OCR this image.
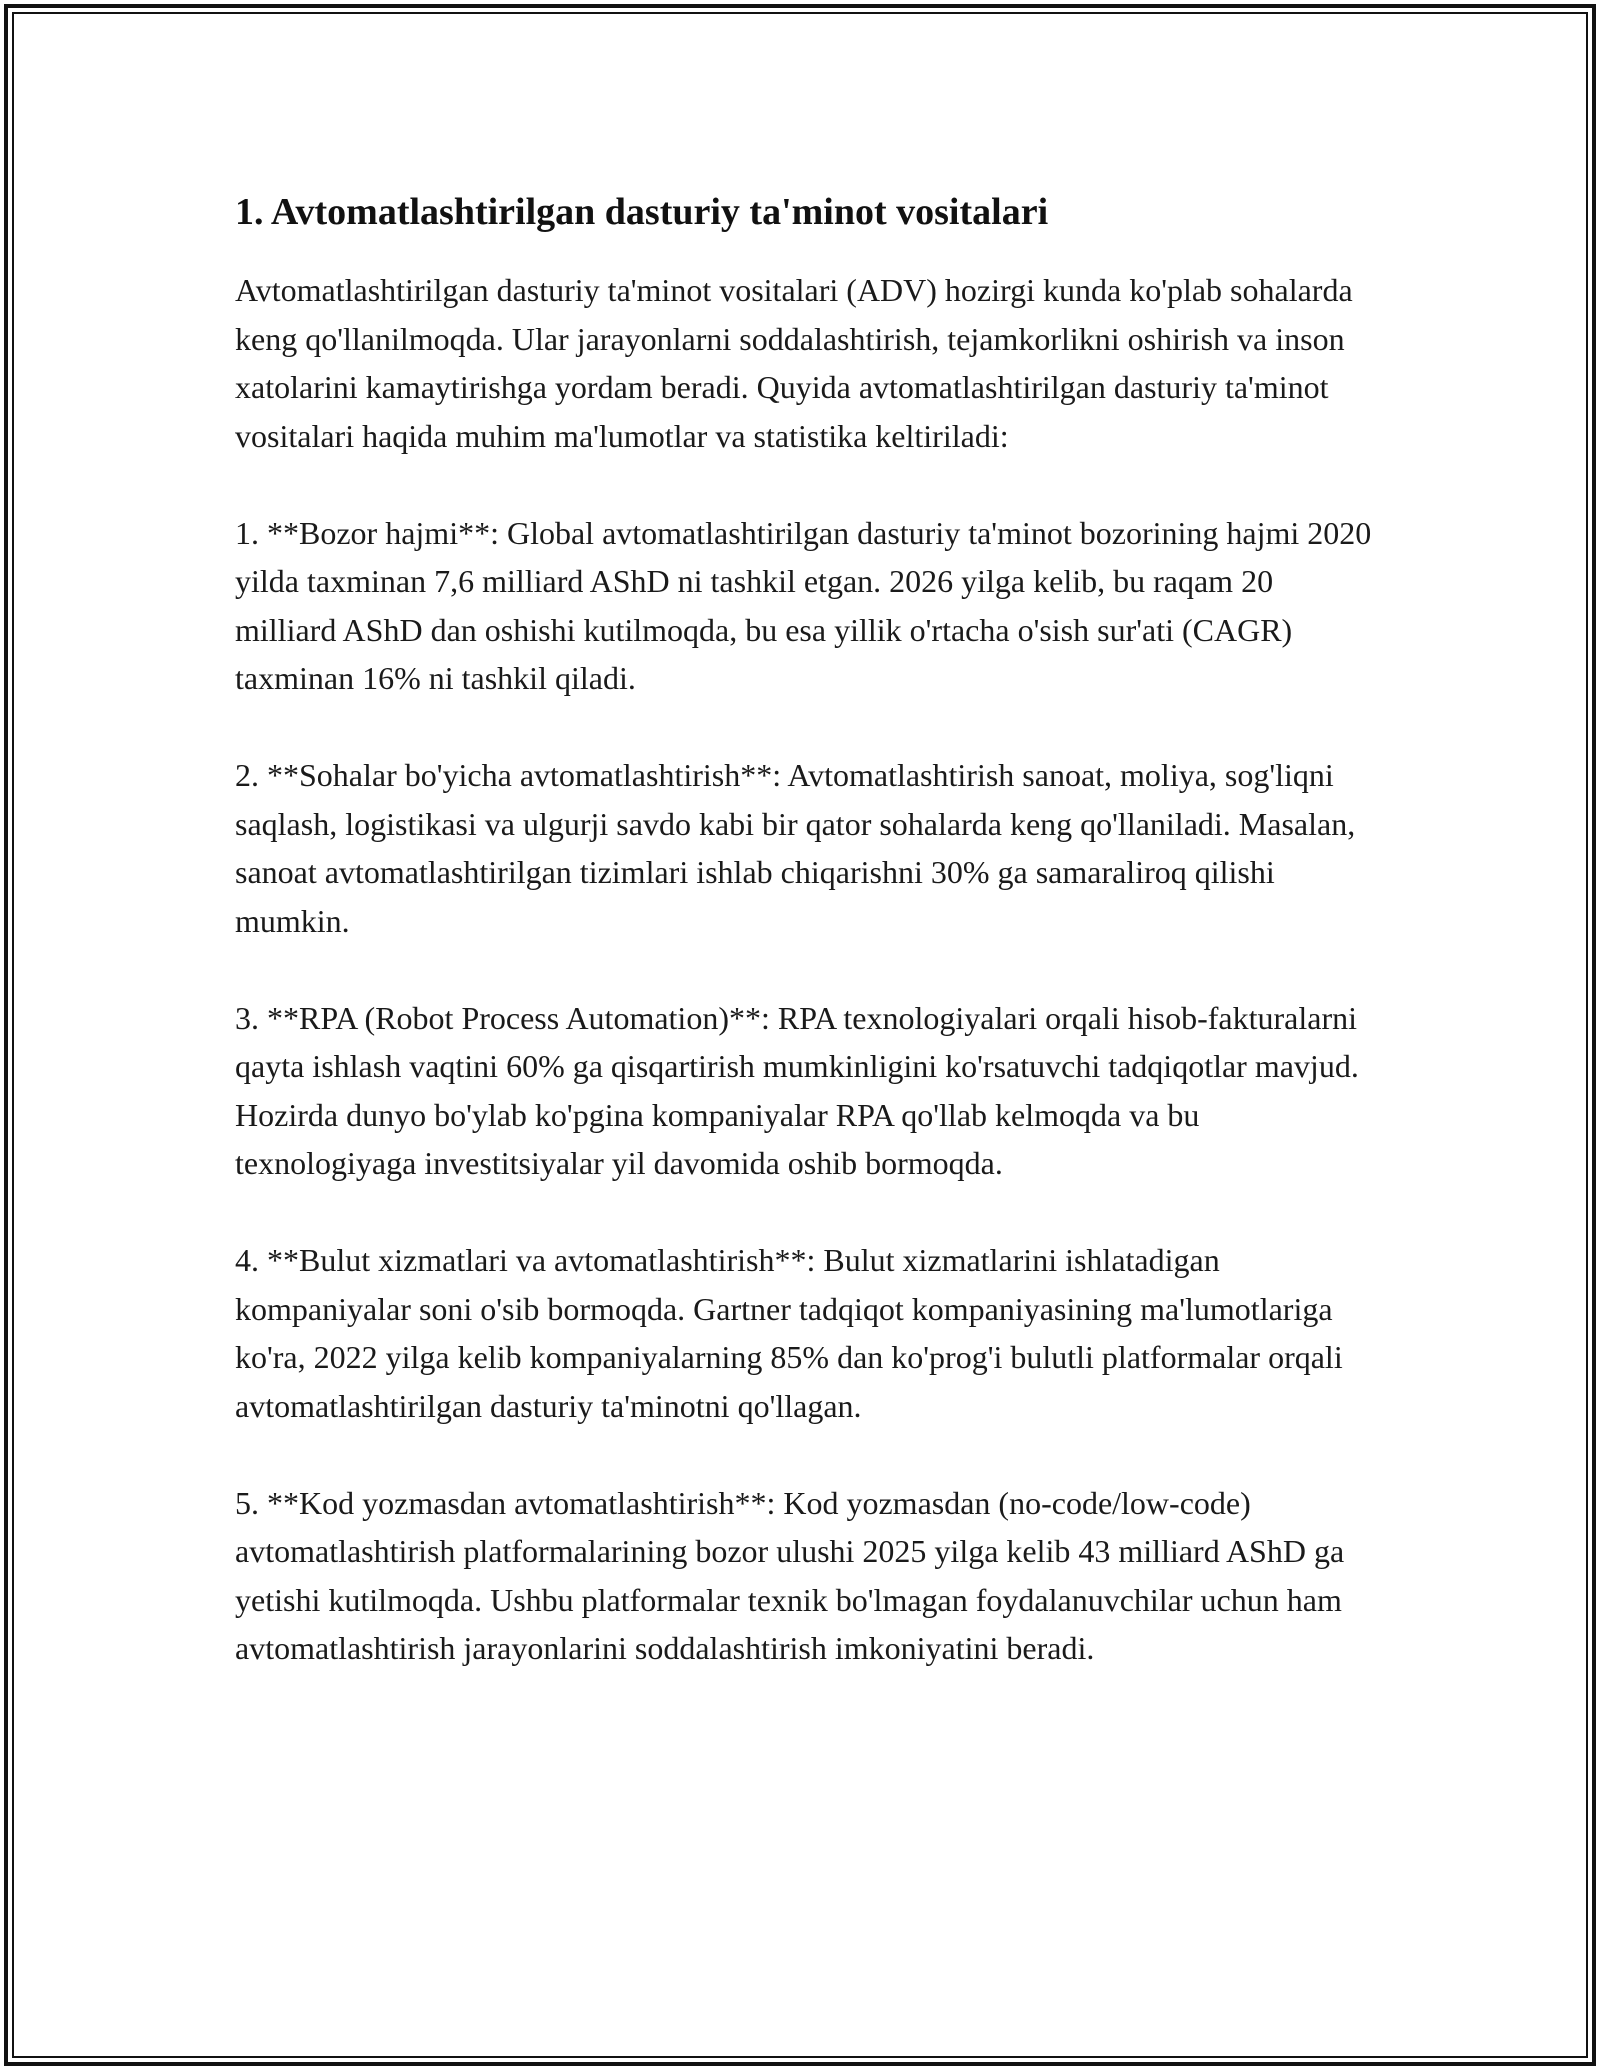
1. Avtomatlashtirilgan dasturiy ta'minot vositalari

Avtomatlashtirilgan dasturiy ta'minot vositalari (ADV) hozirgi kunda ko'plab sohalarda keng qo'llanilmoqda. Ular jarayonlarni soddalashtirish, tejamkorlikni oshirish va inson xatolarini kamaytirishga yordam beradi. Quyida avtomatlashtirilgan dasturiy ta'minot vositalari haqida muhim ma'lumotlar va statistika keltiriladi:

1. **Bozor hajmi**: Global avtomatlashtirilgan dasturiy ta'minot bozorining hajmi 2020 yilda taxminan 7,6 milliard AShD ni tashkil etgan. 2026 yilga kelib, bu raqam 20 milliard AShD dan oshishi kutilmoqda, bu esa yillik o'rtacha o'sish sur'ati (CAGR) taxminan 16% ni tashkil qiladi.

2. **Sohalar bo'yicha avtomatlashtirish**: Avtomatlashtirish sanoat, moliya, sog'liqni saqlash, logistikasi va ulgurji savdo kabi bir qator sohalarda keng qo'llaniladi. Masalan, sanoat avtomatlashtirilgan tizimlari ishlab chiqarishni 30% ga samaraliroq qilishi mumkin.

3. **RPA (Robot Process Automation)**: RPA texnologiyalari orqali hisob-fakturalarni qayta ishlash vaqtini 60% ga qisqartirish mumkinligini ko'rsatuvchi tadqiqotlar mavjud. Hozirda dunyo bo'ylab ko'pgina kompaniyalar RPA qo'llab kelmoqda va bu texnologiyaga investitsiyalar yil davomida oshib bormoqda.

4. **Bulut xizmatlari va avtomatlashtirish**: Bulut xizmatlarini ishlatadigan kompaniyalar soni o'sib bormoqda. Gartner tadqiqot kompaniyasining ma'lumotlariga ko'ra, 2022 yilga kelib kompaniyalarning 85% dan ko'prog'i bulutli platformalar orqali avtomatlashtirilgan dasturiy ta'minotni qo'llagan.

5. **Kod yozmasdan avtomatlashtirish**: Kod yozmasdan (no-code/low-code) avtomatlashtirish platformalarining bozor ulushi 2025 yilga kelib 43 milliard AShD ga yetishi kutilmoqda. Ushbu platformalar texnik bo'lmagan foydalanuvchilar uchun ham avtomatlashtirish jarayonlarini soddalashtirish imkoniyatini beradi.
